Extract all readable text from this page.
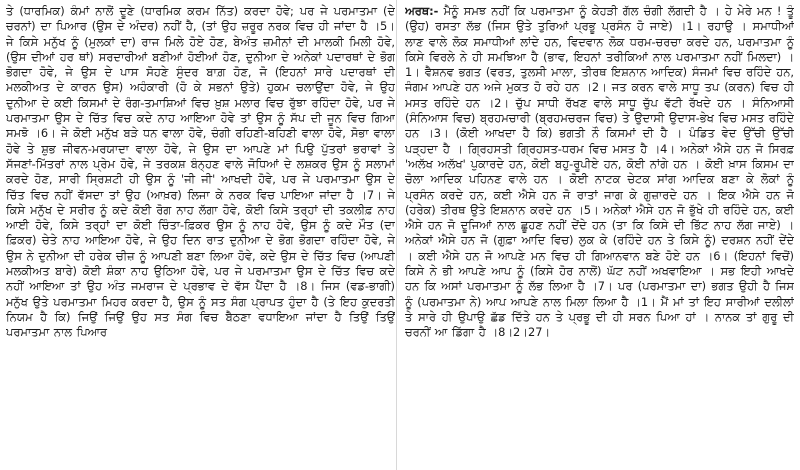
ਤੇ (ਧਾਰਮਿਕ) ਕੰਮਾਂ ਨਾਲੋਂ ਦੂਣੇ (ਧਾਰਮਿਕ ਕਰਮ ਨਿੱਤ) ਕਰਦਾ ਹੋਵੇ; ਪਰ ਜੇ ਪਰਮਾਤਮਾ (ਦੇ ਚਰਨਾਂ) ਦਾ ਪਿਆਰ (ਉਸ ਦੇ ਅੰਦਰ) ਨਹੀਂ ਹੈ, (ਤਾਂ ਉਹ ਜ਼ਰੂਰ ਨਰਕ ਵਿਚ ਹੀ ਜਾਂਦਾ ਹੈ ।5। ਜੇ ਕਿਸੇ ਮਨੁੱਖ ਨੂੰ (ਮੁਲਕਾਂ ਦਾ) ਰਾਜ ਮਿਲੇ ਹੋਏ ਹੋਣ, ਬੇਅੰਤ ਜ਼ਮੀਨਾਂ ਦੀ ਮਾਲਕੀ ਮਿਲੀ ਹੋਵੇ, (ਉਸ ਦੀਆਂ ਹਰ ਥਾਂ) ਸਰਦਾਰੀਆਂ ਬਣੀਆਂ ਹੋਈਆਂ ਹੋਣ, ਦੁਨੀਆ ਦੇ ਅਨੇਕਾਂ ਪਦਾਰਥਾਂ ਦੇ ਭੋਗ ਭੋਗਦਾ ਹੋਵੇ, ਜੇ ਉਸ ਦੇ ਪਾਸ ਸੋਹਣੇ ਸੁੰਦਰ ਬਾਗ਼ ਹੋਣ, ਜੋ (ਇਹਨਾਂ ਸਾਰੇ ਪਦਾਰਥਾਂ ਦੀ ਮਲਕੀਅਤ ਦੇ ਕਾਰਨ ਉਸ) ਅਹੰਕਾਰੀ (ਹੋ ਕੇ ਸਭਨਾਂ ਉਤੇ) ਹੁਕਮ ਚਲਾਉਂਦਾ ਹੋਵੇ, ਜੇ ਉਹ ਦੁਨੀਆ ਦੇ ਕਈ ਕਿਸਮਾਂ ਦੇ ਰੰਗ-ਤਮਾਸ਼ਿਆਂ ਵਿਚ ਖ਼ੁਸ਼ ਮਲਾਰ ਵਿਚ ਰੁੱਝਾ ਰਹਿੰਦਾ ਹੋਵੇ, ਪਰ ਜੇ ਪਰਮਾਤਮਾ ਉਸ ਦੇ ਚਿੱਤ ਵਿਚ ਕਦੇ ਨਾਹ ਆਇਆ ਹੋਵੇ ਤਾਂ ਉਸ ਨੂੰ ਸੱਪ ਦੀ ਜੂਨ ਵਿਚ ਗਿਆ ਸਮਝੋ ।6। ਜੇ ਕੋਈ ਮਨੁੱਖ ਬੜੇ ਧਨ ਵਾਲਾ ਹੋਵੇ, ਚੰਗੀ ਰਹਿਣੀ-ਬਹਿਣੀ ਵਾਲਾ ਹੋਵੇ, ਸੋਭਾ ਵਾਲਾ ਹੋਵੇ ਤੇ ਸ਼ੁਭ ਜੀਵਨ-ਮਰਯਾਦਾ ਵਾਲਾ ਹੋਵੇ, ਜੇ ਉਸ ਦਾ ਆਪਣੇ ਮਾਂ ਪਿਉ ਪੁੱਤਰਾਂ ਭਰਾਵਾਂ ਤੇ ਸੱਜਣਾਂ-ਮਿੱਤਰਾਂ ਨਾਲ ਪ੍ਰੇਮ ਹੋਵੇ, ਜੇ ਤਰਕਸ਼ ਬੰਨ੍ਹਣ ਵਾਲੇ ਜੋਧਿਆਂ ਦੇ ਲਸ਼ਕਰ ਉਸ ਨੂੰ ਸਲਾਮਾਂ ਕਰਦੇ ਹੋਣ, ਸਾਰੀ ਸ੍ਰਿਸ਼ਟੀ ਹੀ ਉਸ ਨੂੰ 'ਜੀ ਜੀ' ਆਖਦੀ ਹੋਵੇ, ਪਰ ਜੇ ਪਰਮਾਤਮਾ ਉਸ ਦੇ ਚਿੱਤ ਵਿਚ ਨਹੀਂ ਵੱਸਦਾ ਤਾਂ ਉਹ (ਆਖ਼ਰ) ਲਿਜਾ ਕੇ ਨਰਕ ਵਿਚ ਪਾਇਆ ਜਾਂਦਾ ਹੈ ।7। ਜੇ ਕਿਸੇ ਮਨੁੱਖ ਦੇ ਸਰੀਰ ਨੂੰ ਕਦੇ ਕੋਈ ਰੋਗ ਨਾਹ ਲੱਗਾ ਹੋਵੇ, ਕੋਈ ਕਿਸੇ ਤਰ੍ਹਾਂ ਦੀ ਤਕਲੀਫ਼ ਨਾਹ ਆਈ ਹੋਵੇ, ਕਿਸੇ ਤਰ੍ਹਾਂ ਦਾ ਕੋਈ ਚਿੰਤਾ-ਫ਼ਿਕਰ ਉਸ ਨੂੰ ਨਾਹ ਹੋਵੇ, ਉਸ ਨੂੰ ਕਦੇ ਮੌਤ (ਦਾ ਫ਼ਿਕਰ) ਚੇਤੇ ਨਾਹ ਆਇਆ ਹੋਵੇ, ਜੇ ਉਹ ਦਿਨ ਰਾਤ ਦੁਨੀਆ ਦੇ ਭੋਗ ਭੋਗਦਾ ਰਹਿੰਦਾ ਹੋਵੇ, ਜੇ ਉਸ ਨੇ ਦੁਨੀਆ ਦੀ ਹਰੇਕ ਚੀਜ਼ ਨੂੰ ਆਪਣੀ ਬਣਾ ਲਿਆ ਹੋਵੇ, ਕਦੇ ਉਸ ਦੇ ਚਿੱਤ ਵਿਚ (ਆਪਣੀ ਮਲਕੀਅਤ ਬਾਰੇ) ਕੋਈ ਸ਼ੰਕਾ ਨਾਹ ਉਠਿਆ ਹੋਵੇ, ਪਰ ਜੇ ਪਰਮਾਤਮਾ ਉਸ ਦੇ ਚਿੱਤ ਵਿਚ ਕਦੇ ਨਹੀਂ ਆਇਆ ਤਾਂ ਉਹ ਅੰਤ ਜਮਰਾਜ ਦੇ ਪ੍ਰਭਾਵ ਦੇ ਵੱਸ ਪੈਂਦਾ ਹੈ ।8। ਜਿਸ (ਵਡ-ਭਾਗੀ) ਮਨੁੱਖ ਉਤੇ ਪਰਮਾਤਮਾ ਮਿਹਰ ਕਰਦਾ ਹੈ, ਉਸ ਨੂੰ ਸਤ ਸੰਗ ਪ੍ਰਾਪਤ ਹੁੰਦਾ ਹੈ (ਤੇ ਇਹ ਕੁਦਰਤੀ ਨਿਯਮ ਹੈ ਕਿ) ਜਿਉਂ ਜਿਉਂ ਉਹ ਸਤ ਸੰਗ ਵਿਚ ਬੈਠਣਾ ਵਧਾਇਆ ਜਾਂਦਾ ਹੈ ਤਿਉਂ ਤਿਉਂ ਪਰਮਾਤਮਾ ਨਾਲ ਪਿਆਰ

ਅਰਥ:- ਮੈਨੂੰ ਸਮਝ ਨਹੀਂ ਕਿ ਪਰਮਾਤਮਾ ਨੂੰ ਕੇਹੜੀ ਗੱਲ ਚੰਗੀ ਲੱਗਦੀ ਹੈ । ਹੇ ਮੇਰੇ ਮਨ ! ਤੂੰ (ਉਹ) ਰਸਤਾ ਲੱਭ (ਜਿਸ ਉਤੇ ਤੁਰਿਆਂ ਪ੍ਰਭੂ ਪ੍ਰਸੰਨ ਹੋ ਜਾਏ) ।1। ਰਹਾਉ । ਸਮਾਧੀਆਂ ਲਾਣ ਵਾਲੇ ਲੋਕ ਸਮਾਧੀਆਂ ਲਾਂਦੇ ਹਨ, ਵਿਦਵਾਨ ਲੋਕ ਧਰਮ-ਚਰਚਾ ਕਰਦੇ ਹਨ, ਪਰਮਾਤਮਾ ਨੂੰ ਕਿਸੇ ਵਿਰਲੇ ਨੇ ਹੀ ਸਮਝਿਆ ਹੈ (ਭਾਵ, ਇਹਨਾਂ ਤਰੀਕਿਆਂ ਨਾਲ ਪਰਮਾਤਮਾ ਨਹੀਂ ਮਿਲਦਾ) ।1। ਵੈਸ਼ਨਵ ਭਗਤ (ਵਰਤ, ਤੁਲਸੀ ਮਾਲਾ, ਤੀਰਥ ਇਸ਼ਨਾਨ ਆਦਿਕ) ਸੰਜਮਾਂ ਵਿਚ ਰਹਿੰਦੇ ਹਨ, ਜੰਗਮ ਆਪਣੇ ਹਨ ਅਜੇ ਮੁਕਤ ਹੋ ਰਹੇ ਹਨ ।2। ਜਤ ਕਰਨ ਵਾਲੇ ਸਾਧੂ ਤਪ (ਕਰਨ) ਵਿਚ ਹੀ ਮਸਤ ਰਹਿੰਦੇ ਹਨ ।2। ਚੁੱਪ ਸਾਧੀ ਰੱਖਣ ਵਾਲੇ ਸਾਧੂ ਚੁੱਪ ਵੱਟੀ ਰੱਖਦੇ ਹਨ । ਸੰਨਿਆਸੀ (ਸੰਨਿਆਸ ਵਿਚ) ਬ੍ਰਹਮਚਾਰੀ (ਬ੍ਰਹਮਚਰਜ ਵਿਚ) ਤੇ ਉਦਾਸੀ ਉਦਾਸ-ਭੇਖ ਵਿਚ ਮਸਤ ਰਹਿੰਦੇ ਹਨ ।3। (ਕੋਈ ਆਖਦਾ ਹੈ ਕਿ) ਭਗਤੀ ਨੌ ਕਿਸਮਾਂ ਦੀ ਹੈ । ਪੰਡਿਤ ਵੇਦ ਉੱਚੀ ਉੱਚੀ ਪੜ੍ਹਦਾ ਹੈ । ਗ੍ਰਿਹਸਤੀ ਗ੍ਰਿਹਸਤ-ਧਰਮ ਵਿਚ ਮਸਤ ਹੈ ।4। ਅਨੇਕਾਂ ਐਸੇ ਹਨ ਜੋ ਸਿਰਫ਼ 'ਅਲੱਖ ਅਲੱਖ' ਪੁਕਾਰਦੇ ਹਨ, ਕੋਈ ਬਹੁ-ਰੂਪੀਏ ਹਨ, ਕੋਈ ਨਾਂਗੇ ਹਨ । ਕੋਈ ਖ਼ਾਸ ਕਿਸਮ ਦਾ ਚੋਲਾ ਆਦਿਕ ਪਹਿਨਣ ਵਾਲੇ ਹਨ । ਕੋਈ ਨਾਟਕ ਚੇਟਕ ਸਾਂਗ ਆਦਿਕ ਬਣਾ ਕੇ ਲੋਕਾਂ ਨੂੰ ਪ੍ਰਸੰਨ ਕਰਦੇ ਹਨ, ਕਈ ਐਸੇ ਹਨ ਜੋ ਰਾਤਾਂ ਜਾਗ ਕੇ ਗੁਜ਼ਾਰਦੇ ਹਨ । ਇਕ ਐਸੇ ਹਨ ਜੋ (ਹਰੇਕ) ਤੀਰਥ ਉਤੇ ਇਸ਼ਨਾਨ ਕਰਦੇ ਹਨ ।5। ਅਨੇਕਾਂ ਐਸੇ ਹਨ ਜੋ ਭੁੱਖੇ ਹੀ ਰਹਿੰਦੇ ਹਨ, ਕਈ ਐਸੇ ਹਨ ਜੋ ਦੂਜਿਆਂ ਨਾਲ ਛੂਹਣ ਨਹੀਂ ਦੇਂਦੇ ਹਨ (ਤਾ ਕਿ ਕਿਸੇ ਦੀ ਭਿੱਟ ਨਾਹ ਲੱਗ ਜਾਏ) । ਅਨੇਕਾਂ ਐਸੇ ਹਨ ਜੋ (ਗੁਫ਼ਾ ਆਦਿ ਵਿਚ) ਲੁਕ ਕੇ (ਰਹਿੰਦੇ ਹਨ ਤੇ ਕਿਸੇ ਨੂੰ) ਦਰਸ਼ਨ ਨਹੀਂ ਦੇਂਦੇ । ਕਈ ਐਸੇ ਹਨ ਜੋ ਆਪਣੇ ਮਨ ਵਿਚ ਹੀ ਗਿਆਨਵਾਨ ਬਣੇ ਹੋਏ ਹਨ ।6। (ਇਹਨਾਂ ਵਿਚੋਂ) ਕਿਸੇ ਨੇ ਭੀ ਆਪਣੇ ਆਪ ਨੂੰ (ਕਿਸੇ ਹੋਰ ਨਾਲੋਂ) ਘੱਟ ਨਹੀਂ ਅਖਵਾਇਆ । ਸਭ ਇਹੀ ਆਖਦੇ ਹਨ ਕਿ ਅਸਾਂ ਪਰਮਾਤਮਾ ਨੂੰ ਲੱਭ ਲਿਆ ਹੈ ।7। ਪਰ (ਪਰਮਾਤਮਾ ਦਾ) ਭਗਤ ਉਹੀ ਹੈ ਜਿਸ ਨੂੰ (ਪਰਮਾਤਮਾ ਨੇ) ਆਪ ਆਪਣੇ ਨਾਲ ਮਿਲਾ ਲਿਆ ਹੈ ।1। ਮੈਂ ਮਾਂ ਤਾਂ ਇਹ ਸਾਰੀਆਂ ਦਲੀਲਾਂ ਤੇ ਸਾਰੇ ਹੀ ਉਪਾਉ ਛੱਡ ਦਿੱਤੇ ਹਨ ਤੇ ਪ੍ਰਭੂ ਦੀ ਹੀ ਸਰਨ ਪਿਆ ਹਾਂ । ਨਾਨਕ ਤਾਂ ਗੁਰੂ ਦੀ ਚਰਨੀਂ ਆ ਡਿੱਗਾ ਹੈ ।8।2।27।
